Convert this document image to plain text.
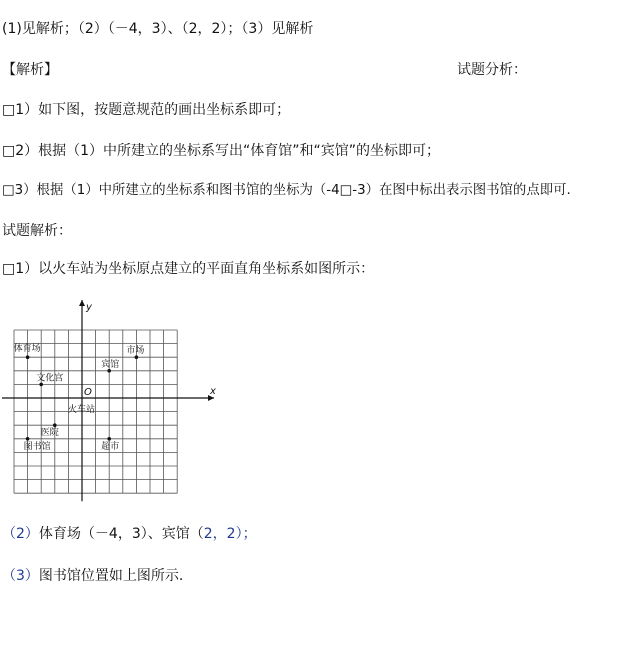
(1)见解析；（2）（－4，3）、（2，2）；（3）见解析
【解析】	试题分析：
□1）如下图，按题意规范的画出坐标系即可；
□2）根据（1）中所建立的坐标系写出“体育馆”和“宾馆”的坐标即可；
□3）根据（1）中所建立的坐标系和图书馆的坐标为（-4□-3）在图中标出表示图书馆的点即可.
试题解析：
□1）以火车站为坐标原点建立的平面直角坐标系如图所示：
x
y
O
体育场	市场
宾馆
文化宫
火车站
医院
超市
图书馆
（2）体育场（－4，3）、宾馆（2，2）；
（3）图书馆位置如上图所示.
